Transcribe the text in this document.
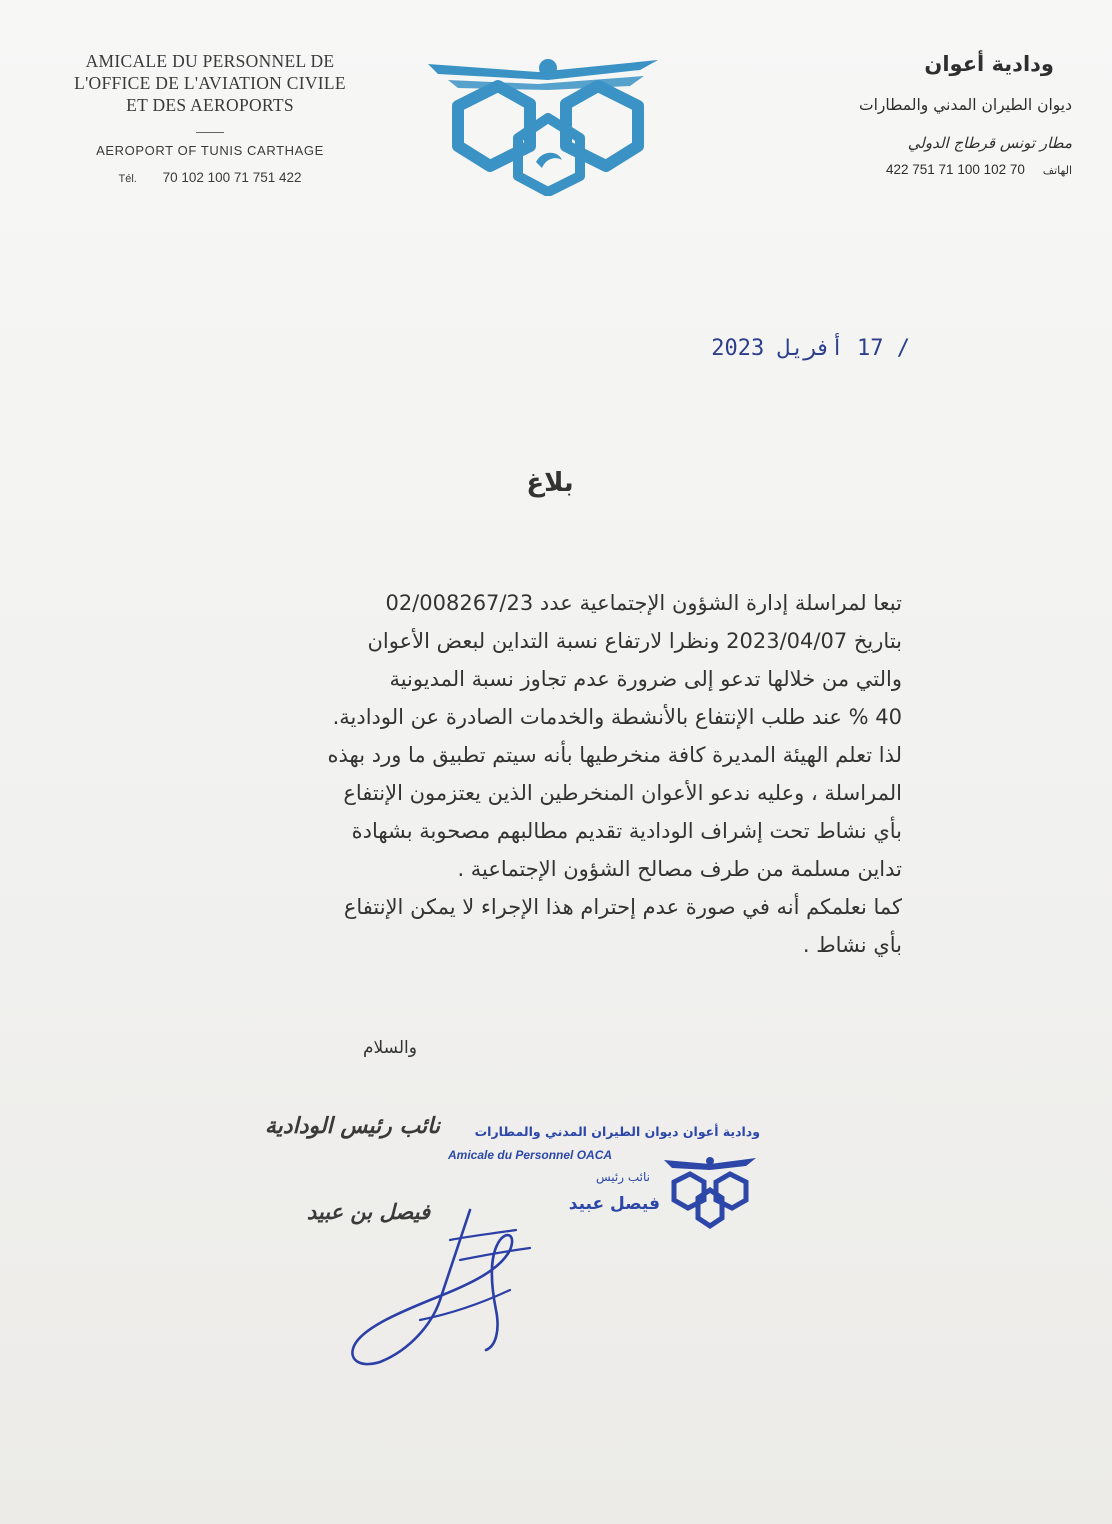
AMICALE DU PERSONNEL DE
L'OFFICE DE L'AVIATION CIVILE
ET DES AEROPORTS
AEROPORT OF TUNIS CARTHAGE
Tél. 70 102 100 71 751 422
ودادية أعوان
ديوان الطيران المدني والمطارات
مطار تونس قرطاج الدولي
الهاتف 70 102 100 71 751 422
/ 17 أفريل 2023
بلاغ
تبعا لمراسلة إدارة الشؤون الإجتماعية عدد 02/008267/23
بتاريخ 2023/04/07 ونظرا لارتفاع نسبة التداين لبعض الأعوان
والتي من خلالها تدعو إلى ضرورة عدم تجاوز نسبة المديونية
40 % عند طلب الإنتفاع بالأنشطة والخدمات الصادرة عن الودادية.
لذا تعلم الهيئة المديرة كافة منخرطيها بأنه سيتم تطبيق ما ورد بهذه
المراسلة ، وعليه ندعو الأعوان المنخرطين الذين يعتزمون الإنتفاع
بأي نشاط تحت إشراف الودادية تقديم مطالبهم مصحوبة بشهادة
تداين مسلمة من طرف مصالح الشؤون الإجتماعية .
كما نعلمكم أنه في صورة عدم إحترام هذا الإجراء لا يمكن الإنتفاع
بأي نشاط .
والسلام
نائب رئيس الودادية
فيصل بن عبيد
ودادية أعوان ديوان الطيران المدني والمطارات
Amicale du Personnel OACA
نائب رئيس
فيصل عبيد
